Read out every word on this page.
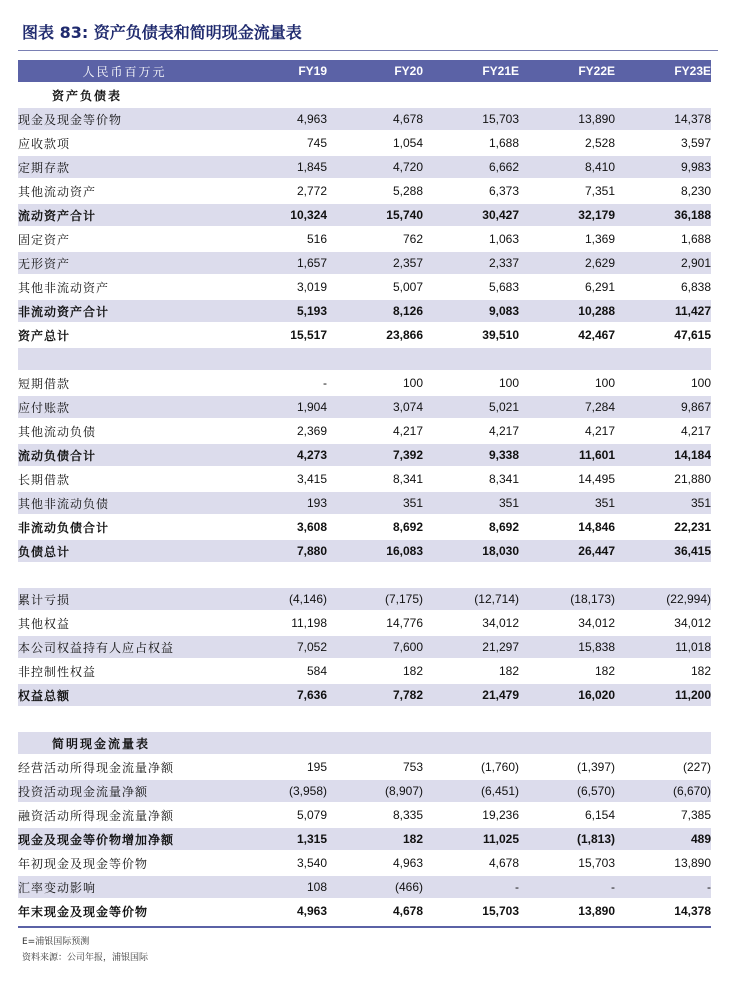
图表 83: 资产负债表和简明现金流量表
人民币百万元	FY19	FY20	FY21E	FY22E	FY23E
资产负债表					
现金及现金等价物	4,963	4,678	15,703	13,890	14,378
应收款项	745	1,054	1,688	2,528	3,597
定期存款	1,845	4,720	6,662	8,410	9,983
其他流动资产	2,772	5,288	6,373	7,351	8,230
流动资产合计	10,324	15,740	30,427	32,179	36,188
固定资产	516	762	1,063	1,369	1,688
无形资产	1,657	2,357	2,337	2,629	2,901
其他非流动资产	3,019	5,007	5,683	6,291	6,838
非流动资产合计	5,193	8,126	9,083	10,288	11,427
资产总计	15,517	23,866	39,510	42,467	47,615

短期借款	-	100	100	100	100
应付账款	1,904	3,074	5,021	7,284	9,867
其他流动负债	2,369	4,217	4,217	4,217	4,217
流动负债合计	4,273	7,392	9,338	11,601	14,184
长期借款	3,415	8,341	8,341	14,495	21,880
其他非流动负债	193	351	351	351	351
非流动负债合计	3,608	8,692	8,692	14,846	22,231
负债总计	7,880	16,083	18,030	26,447	36,415

累计亏损	(4,146)	(7,175)	(12,714)	(18,173)	(22,994)
其他权益	11,198	14,776	34,012	34,012	34,012
本公司权益持有人应占权益	7,052	7,600	21,297	15,838	11,018
非控制性权益	584	182	182	182	182
权益总额	7,636	7,782	21,479	16,020	11,200

简明现金流量表					
经营活动所得现金流量净额	195	753	(1,760)	(1,397)	(227)
投资活动现金流量净额	(3,958)	(8,907)	(6,451)	(6,570)	(6,670)
融资活动所得现金流量净额	5,079	8,335	19,236	6,154	7,385
现金及现金等价物增加净额	1,315	182	11,025	(1,813)	489
年初现金及现金等价物	3,540	4,963	4,678	15,703	13,890
汇率变动影响	108	(466)	-	-	-
年末现金及现金等价物	4,963	4,678	15,703	13,890	14,378
E=浦银国际预测
资料来源：公司年报，浦银国际
